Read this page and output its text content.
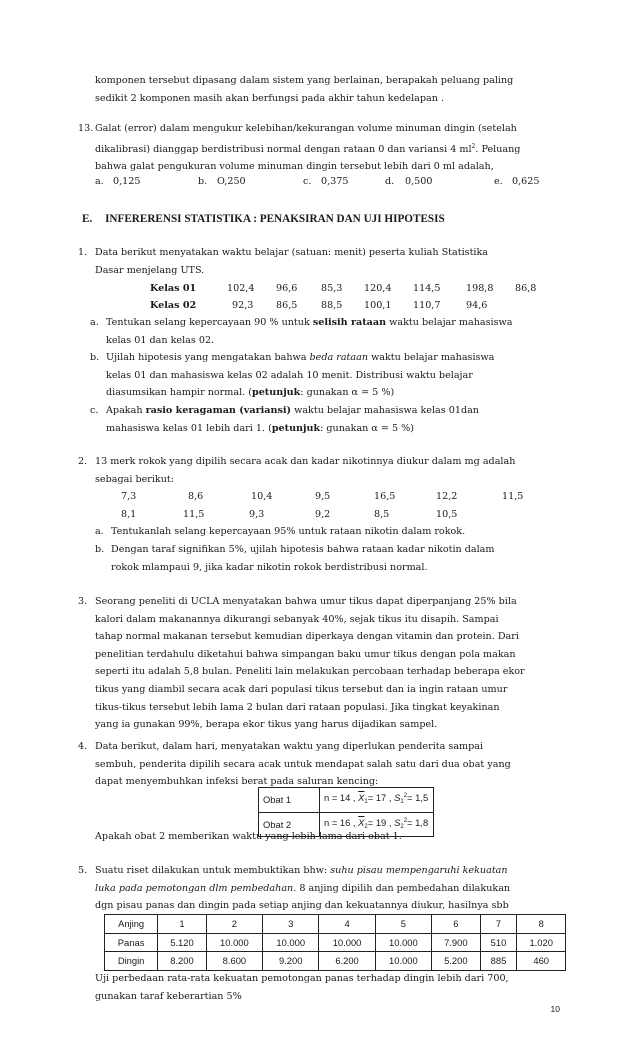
komponen tersebut dipasang dalam sistem yang berlainan, berapakah peluang paling

sedikit 2 komponen masih akan berfungsi pada akhir tahun kedelapan .

13. Galat (error) dalam mengukur kelebihan/kekurangan volume minuman dingin (setelah

dikalibrasi) dianggap berdistribusi normal dengan rataan 0 dan variansi 4 $ml^2$. Peluang

bahwa galat pengukuran volume minuman dingin tersebut lebih dari 0 ml adalah,

a. 0,125	b. O,250	c. 0,375	d. 0,500	e. 0,625
E. INFERERENSI STATISTIKA : PENAKSIRAN DAN UJI HIPOTESIS
1. Data berikut menyatakan waktu belajar (satuan: menit) peserta kuliah Statistika

Dasar menjelang UTS.

Kelas 01	102,4 96,6 85,3 120,4 114,5	198,8 86,8
Kelas 02	92,3 86,5 88,5 100,1 110,7	94,6
a. Tentukan selang kepercayaan 90 % untuk selisih rataan waktu belajar mahasiswa

kelas 01 dan kelas 02.

b. Ujilah hipotesis yang mengatakan bahwa beda rataan waktu belajar mahasiswa

kelas 01 dan mahasiswa kelas 02 adalah 10 menit. Distribusi waktu belajar

diasumsikan hampir normal. (petunjuk: gunakan α = 5 %)

c. Apakah rasio keragaman (variansi) waktu belajar mahasiswa kelas 01dan

mahasiswa kelas 01 lebih dari 1. (petunjuk: gunakan α = 5 %)

2. 13 merk rokok yang dipilih secara acak dan kadar nikotinnya diukur dalam mg adalah

sebagai berikut:

7,3	8,6	10,4	9,5	16,5	12,2	11,5
8,1	11,5	9,3	9,2	8,5	10,5
a. Tentukanlah selang kepercayaan 95% untuk rataan nikotin dalam rokok.

b. Dengan taraf signifikan 5%, ujilah hipotesis bahwa rataan kadar nikotin dalam

rokok mlampaui 9, jika kadar nikotin rokok berdistribusi normal.

3. Seorang peneliti di UCLA menyatakan bahwa umur tikus dapat diperpanjang 25% bila

kalori dalam makanannya dikurangi sebanyak 40%, sejak tikus itu disapih. Sampai

tahap normal makanan tersebut kemudian diperkaya dengan vitamin dan protein. Dari

penelitian terdahulu diketahui bahwa simpangan baku umur tikus dengan pola makan

seperti itu adalah 5,8 bulan. Peneliti lain melakukan percobaan terhadap beberapa ekor

tikus yang diambil secara acak dari populasi tikus tersebut dan ia ingin rataan umur

tikus-tikus tersebut lebih lama 2 bulan dari rataan populasi. Jika tingkat keyakinan

yang ia gunakan 99%, berapa ekor tikus yang harus dijadikan sampel.

4. Data berikut, dalam hari, menyatakan waktu yang diperlukan penderita sampai

sembuh, penderita dipilih secara acak untuk mendapat salah satu dari dua obat yang

dapat menyembuhkan infeksi berat pada saluran kencing:

Obat 1	n = 14 , $\overline{X}_1= 17$ , $S_1^2= 1,5$
Obat 2	n = 16 , $\overline{X}_2= 19$ , $S_2^2= 1,8$

Apakah obat 2 memberikan waktu yang lebih lama dari obat 1.

5. Suatu riset dilakukan untuk membuktikan bhw: suhu pisau mempengaruhi kekuatan

luka pada pemotongan dlm pembedahan. 8 anjing dipilih dan pembedahan dilakukan

dgn pisau panas dan dingin pada setiap anjing dan kekuatannya diukur, hasilnya sbb

Anjing	1	2	3	4	5	6	7	8
Panas	5.120	10.000	10.000	10.000	10.000	7.900	510	1.020
Dingin	8.200	8.600	9.200	6.200	10.000	5.200	885	460

Uji perbedaan rata-rata kekuatan pemotongan panas terhadap dingin lebih dari 700,

gunakan taraf keberartian 5%

10
